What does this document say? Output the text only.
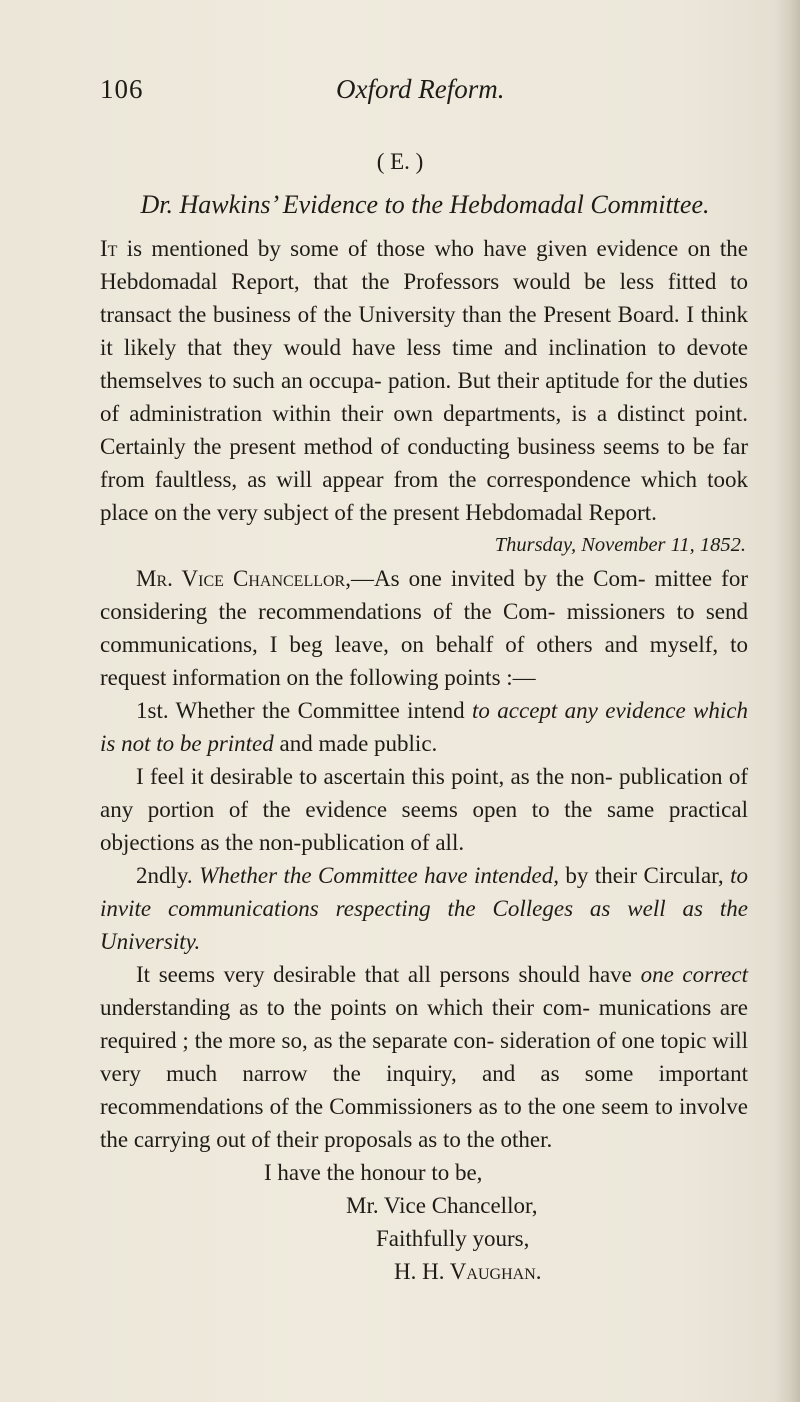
106	Oxford Reform.
( E. )
Dr. Hawkins’ Evidence to the Hebdomadal Committee.

It is mentioned by some of those who have given evidence on the Hebdomadal Report, that the Professors would be less fitted to transact the business of the University than the Present Board. I think it likely that they would have less time and inclination to devote themselves to such an occupa- pation. But their aptitude for the duties of administration within their own departments, is a distinct point. Certainly the present method of conducting business seems to be far from faultless, as will appear from the correspondence which took place on the very subject of the present Hebdomadal Report.

Thursday, November 11, 1852.

Mr. Vice Chancellor,—As one invited by the Com- mittee for considering the recommendations of the Com- missioners to send communications, I beg leave, on behalf of others and myself, to request information on the following points :—

1st. Whether the Committee intend to accept any evidence which is not to be printed and made public.

I feel it desirable to ascertain this point, as the non- publication of any portion of the evidence seems open to the same practical objections as the non-publication of all.

2ndly. Whether the Committee have intended, by their Circular, to invite communications respecting the Colleges as well as the University.

It seems very desirable that all persons should have one correct understanding as to the points on which their com- munications are required ; the more so, as the separate con- sideration of one topic will very much narrow the inquiry, and as some important recommendations of the Commissioners as to the one seem to involve the carrying out of their proposals as to the other.

I have the honour to be,
Mr. Vice Chancellor,
Faithfully yours,
H. H. Vaughan.
